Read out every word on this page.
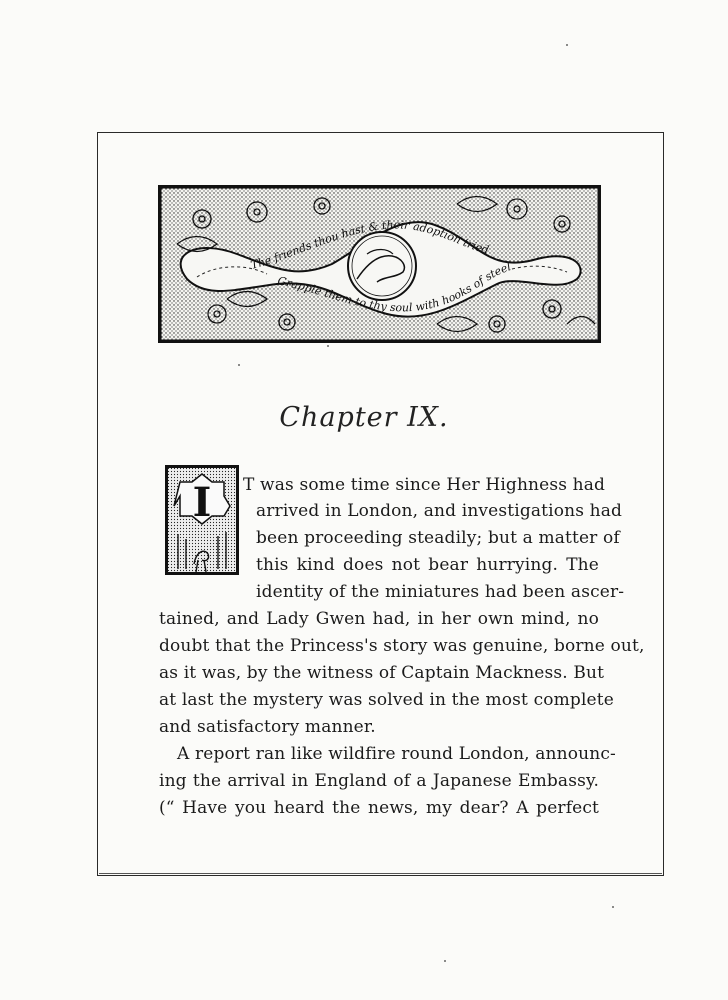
The friends thou hast & their adoption tried
Grapple them to thy soul with hooks of steel
Chapter IX.
I T was some time since Her Highness had
arrived in London, and investigations had
been proceeding steadily; but a matter of
this kind does not bear hurrying. The
identity of the miniatures had been ascer-
tained, and Lady Gwen had, in her own mind, no
doubt that the Princess's story was genuine, borne out,
as it was, by the witness of Captain Mackness. But
at last the mystery was solved in the most complete
and satisfactory manner.
A report ran like wildfire round London, announc-
ing the arrival in England of a Japanese Embassy.
(“ Have you heard the news, my dear? A perfect
